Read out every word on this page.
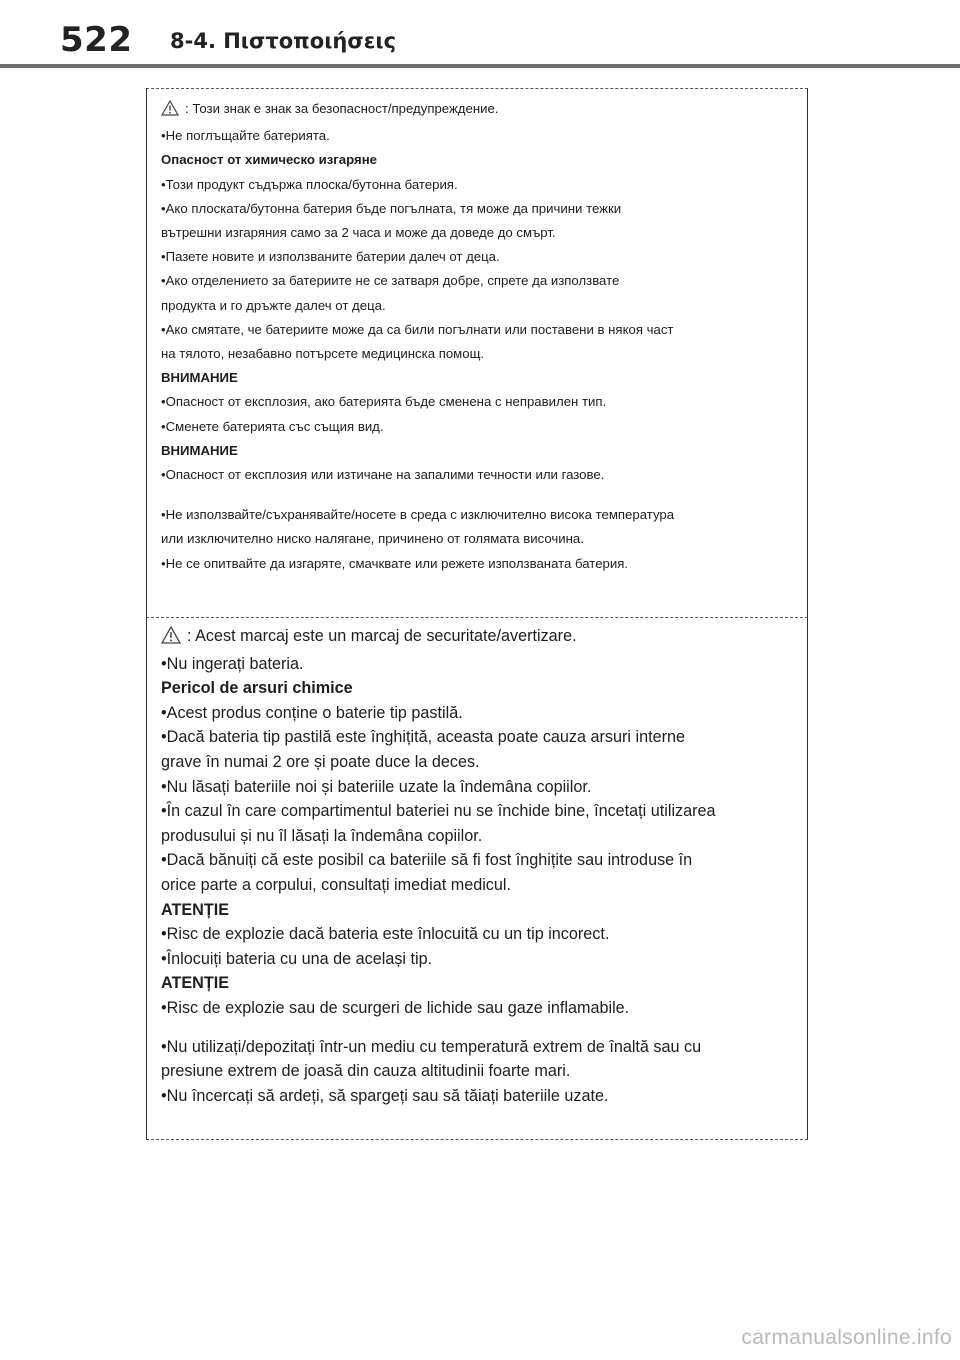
522 8-4. Πιστοποιήσεις
: Този знак е знак за безопасност/предупреждение.
•Не поглъщайте батерията.
Опасност от химическо изгаряне
•Този продукт съдържа плоска/бутонна батерия.
•Ако плоската/бутонна батерия бъде погълната, тя може да причини тежки
вътрешни изгаряния само за 2 часа и може да доведе до смърт.
•Пазете новите и използваните батерии далеч от деца.
•Ако отделението за батериите не се затваря добре, спрете да използвате
продукта и го дръжте далеч от деца.
•Ако смятате, че батериите може да са били погълнати или поставени в някоя част
на тялото, незабавно потърсете медицинска помощ.
ВНИМАНИЕ
•Опасност от експлозия, ако батерията бъде сменена с неправилен тип.
•Сменете батерията със същия вид.
ВНИМАНИЕ
•Опасност от експлозия или изтичане на запалими течности или газове.
•Не използвайте/съхранявайте/носете в среда с изключително висока температура
или изключително ниско налягане, причинено от голямата височина.
•Не се опитвайте да изгаряте, смачквате или режете използваната батерия.
: Acest marcaj este un marcaj de securitate/avertizare.
•Nu ingerați bateria.
Pericol de arsuri chimice
•Acest produs conține o baterie tip pastilă.
•Dacă bateria tip pastilă este înghițită, aceasta poate cauza arsuri interne
grave în numai 2 ore și poate duce la deces.
•Nu lăsați bateriile noi și bateriile uzate la îndemâna copiilor.
•În cazul în care compartimentul bateriei nu se închide bine, încetați utilizarea
produsului și nu îl lăsați la îndemâna copiilor.
•Dacă bănuiți că este posibil ca bateriile să fi fost înghițite sau introduse în
orice parte a corpului, consultați imediat medicul.
ATENȚIE
•Risc de explozie dacă bateria este înlocuită cu un tip incorect.
•Înlocuiți bateria cu una de același tip.
ATENȚIE
•Risc de explozie sau de scurgeri de lichide sau gaze inflamabile.
•Nu utilizați/depozitați într-un mediu cu temperatură extrem de înaltă sau cu
presiune extrem de joasă din cauza altitudinii foarte mari.
•Nu încercați să ardeți, să spargeți sau să tăiați bateriile uzate.
carmanualsonline.info
